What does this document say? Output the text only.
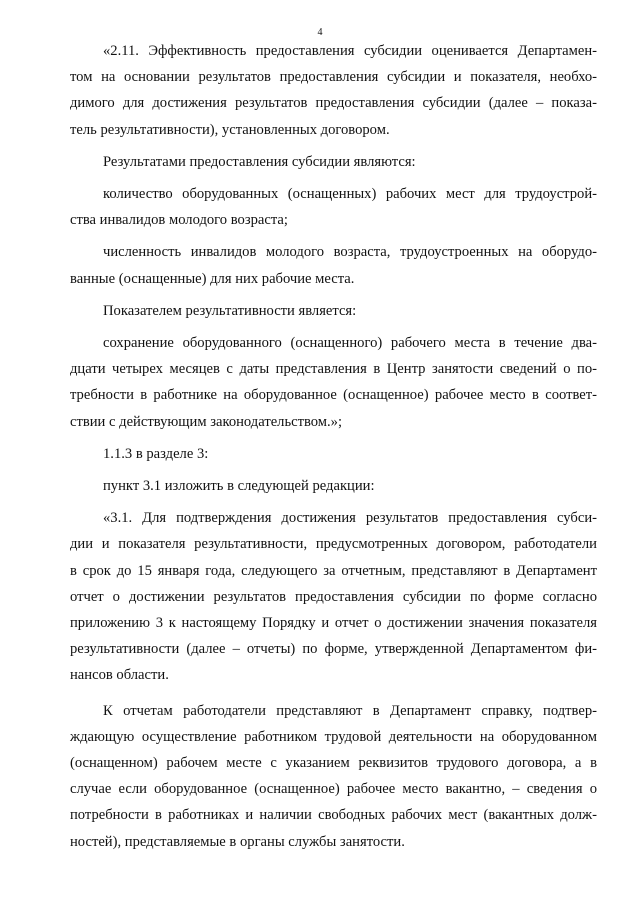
4
«2.11. Эффективность предоставления субсидии оценивается Департамен-
том на основании результатов предоставления субсидии и показателя, необхо-
димого для достижения результатов предоставления субсидии (далее – показа-
тель результативности), установленных договором.
Результатами предоставления субсидии являются:
количество оборудованных (оснащенных) рабочих мест для трудоустрой-
ства инвалидов молодого возраста;
численность инвалидов молодого возраста, трудоустроенных на оборудо-
ванные (оснащенные) для них рабочие места.
Показателем результативности является:
сохранение оборудованного (оснащенного) рабочего места в течение два-
дцати четырех месяцев с даты представления в Центр занятости сведений о по-
требности в работнике на оборудованное (оснащенное) рабочее место в соответ-
ствии с действующим законодательством.»;
1.1.3 в разделе 3:
пункт 3.1 изложить в следующей редакции:
«3.1. Для подтверждения достижения результатов предоставления субси-
дии и показателя результативности, предусмотренных договором, работодатели
в срок до 15 января года, следующего за отчетным, представляют в Департамент
отчет о достижении результатов предоставления субсидии по форме согласно
приложению 3 к настоящему Порядку и отчет о достижении значения показателя
результативности (далее – отчеты) по форме, утвержденной Департаментом фи-
нансов области.
К отчетам работодатели представляют в Департамент справку, подтвер-
ждающую осуществление работником трудовой деятельности на оборудованном
(оснащенном) рабочем месте с указанием реквизитов трудового договора, а в
случае если оборудованное (оснащенное) рабочее место вакантно, – сведения о
потребности в работниках и наличии свободных рабочих мест (вакантных долж-
ностей), представляемые в органы службы занятости.
